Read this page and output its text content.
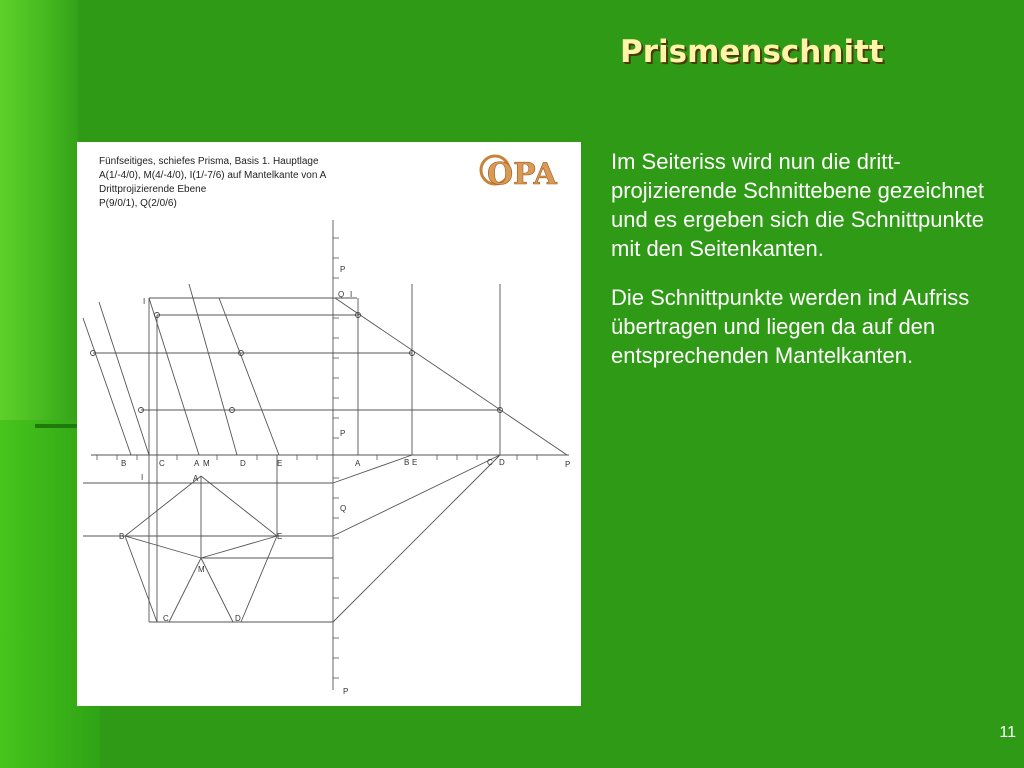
Prismenschnitt
Fünfseitiges, schiefes Prisma, Basis 1. Hauptlage
A(1/-4/0), M(4/-4/0), I(1/-7/6) auf Mantelkante von A
Drittprojizierende Ebene
P(9/0/1), Q(2/0/6)
OPA
B	C	A M	D	E	A	B E	C D	P
I
Q I
P
P
I	A
B	E
M
C	D
Q
P

Im Seiteriss wird nun die dritt-projizierende Schnittebene gezeichnet und es ergeben sich die Schnittpunkte mit den Seitenkanten.

Die Schnittpunkte werden ind Aufriss übertragen und liegen da auf den entsprechenden Mantelkanten.

11
